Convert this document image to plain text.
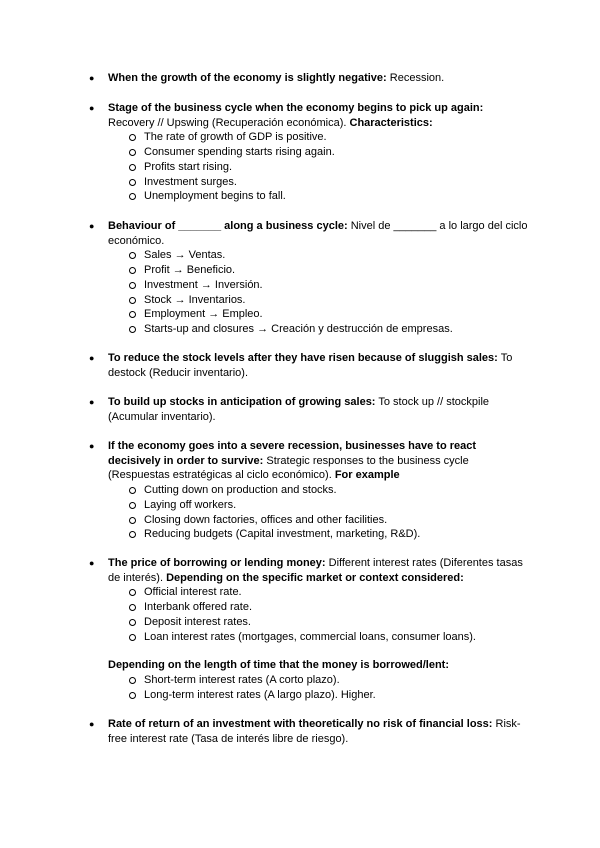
● When the growth of the economy is slightly negative: Recession.
● Stage of the business cycle when the economy begins to pick up again: Recovery // Upswing (Recuperación económica). Characteristics:
The rate of growth of GDP is positive.
Consumer spending starts rising again.
Profits start rising.
Investment surges.
Unemployment begins to fall.
● Behaviour of _______ along a business cycle: Nivel de _______ a lo largo del ciclo económico.
Sales → Ventas.
Profit → Beneficio.
Investment → Inversión.
Stock → Inventarios.
Employment → Empleo.
Starts-up and closures → Creación y destrucción de empresas.
● To reduce the stock levels after they have risen because of sluggish sales: To destock (Reducir inventario).
● To build up stocks in anticipation of growing sales: To stock up // stockpile (Acumular inventario).
● If the economy goes into a severe recession, businesses have to react decisively in order to survive: Strategic responses to the business cycle (Respuestas estratégicas al ciclo económico). For example
Cutting down on production and stocks.
Laying off workers.
Closing down factories, offices and other facilities.
Reducing budgets (Capital investment, marketing, R&D).
● The price of borrowing or lending money: Different interest rates (Diferentes tasas de interés). Depending on the specific market or context considered:
Official interest rate.
Interbank offered rate.
Deposit interest rates.
Loan interest rates (mortgages, commercial loans, consumer loans).
Depending on the length of time that the money is borrowed/lent:
Short-term interest rates (A corto plazo).
Long-term interest rates (A largo plazo). Higher.
● Rate of return of an investment with theoretically no risk of financial loss: Risk-free interest rate (Tasa de interés libre de riesgo).
